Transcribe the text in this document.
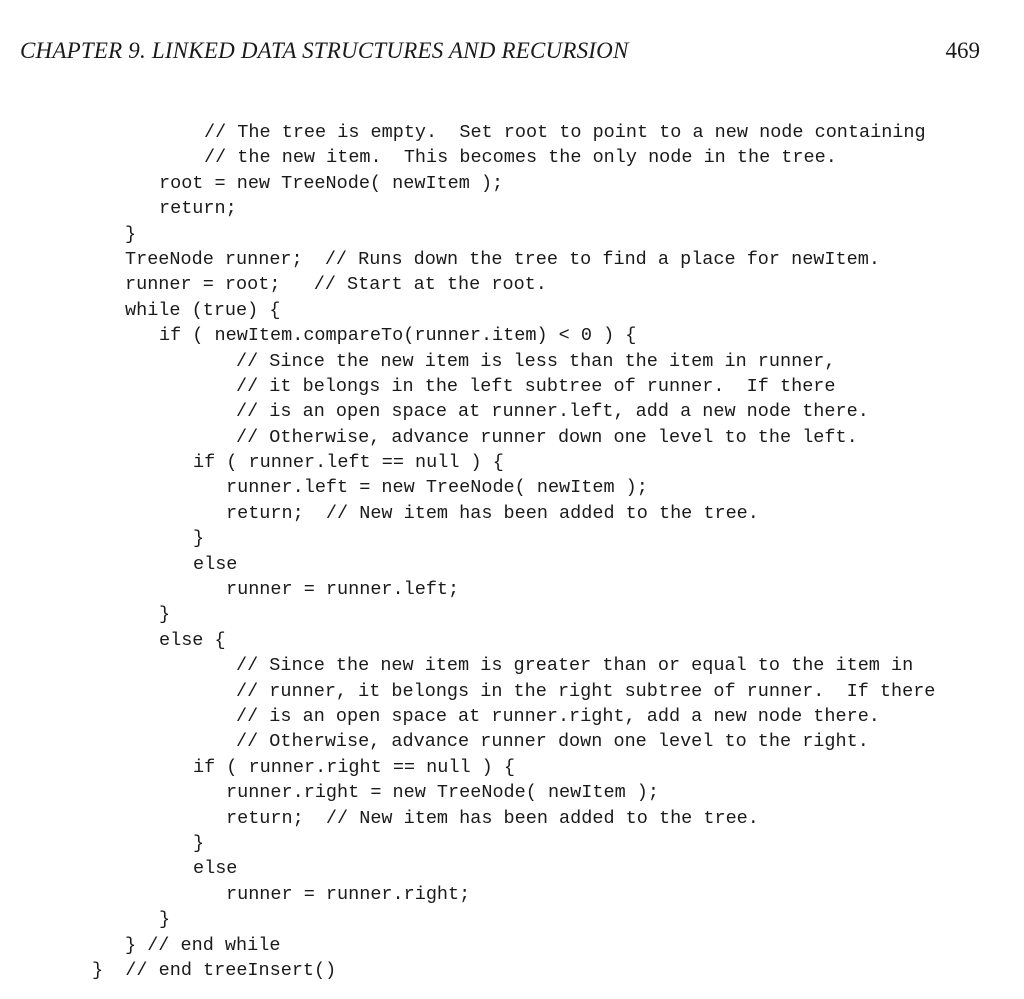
CHAPTER 9. LINKED DATA STRUCTURES AND RECURSION	469
// The tree is empty.  Set root to point to a new node containing
// the new item.  This becomes the only node in the tree.
root = new TreeNode( newItem );
return;
}
TreeNode runner;  // Runs down the tree to find a place for newItem.
runner = root;   // Start at the root.
while (true) {
if ( newItem.compareTo(runner.item) < 0 ) {
// Since the new item is less than the item in runner,
// it belongs in the left subtree of runner.  If there
// is an open space at runner.left, add a new node there.
// Otherwise, advance runner down one level to the left.
if ( runner.left == null ) {
runner.left = new TreeNode( newItem );
return;  // New item has been added to the tree.
}
else
runner = runner.left;
}
else {
// Since the new item is greater than or equal to the item in
// runner, it belongs in the right subtree of runner.  If there
// is an open space at runner.right, add a new node there.
// Otherwise, advance runner down one level to the right.
if ( runner.right == null ) {
runner.right = new TreeNode( newItem );
return;  // New item has been added to the tree.
}
else
runner = runner.right;
}
} // end while
}  // end treeInsert()
